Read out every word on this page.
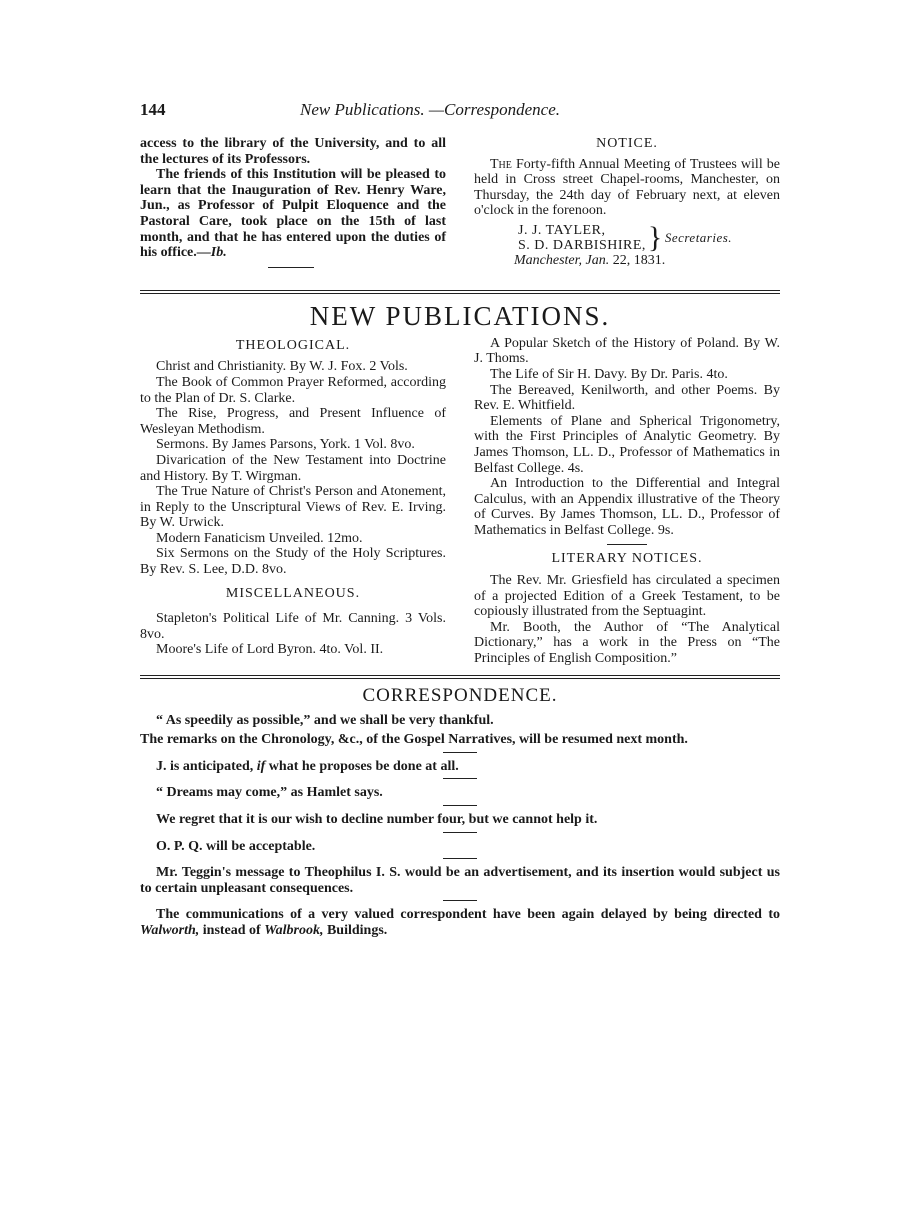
144	New Publications. —Correspondence.

access to the library of the University, and to all the lectures of its Professors.

The friends of this Institution will be pleased to learn that the Inauguration of Rev. Henry Ware, Jun., as Professor of Pulpit Eloquence and the Pastoral Care, took place on the 15th of last month, and that he has entered upon the duties of his office.—Ib.

NOTICE.

The Forty-fifth Annual Meeting of Trustees will be held in Cross street Chapel-rooms, Manchester, on Thursday, the 24th day of February next, at eleven o'clock in the forenoon.

J. J. TAYLER,
S. D. DARBISHIRE, } Secretaries.

Manchester, Jan. 22, 1831.

NEW PUBLICATIONS.

THEOLOGICAL.

Christ and Christianity. By W. J. Fox. 2 Vols.

The Book of Common Prayer Reformed, according to the Plan of Dr. S. Clarke.

The Rise, Progress, and Present Influence of Wesleyan Methodism.

Sermons. By James Parsons, York. 1 Vol. 8vo.

Divarication of the New Testament into Doctrine and History. By T. Wirgman.

The True Nature of Christ's Person and Atonement, in Reply to the Unscriptural Views of Rev. E. Irving. By W. Urwick.

Modern Fanaticism Unveiled. 12mo.

Six Sermons on the Study of the Holy Scriptures. By Rev. S. Lee, D.D. 8vo.

MISCELLANEOUS.

Stapleton's Political Life of Mr. Canning. 3 Vols. 8vo.

Moore's Life of Lord Byron. 4to. Vol. II.

A Popular Sketch of the History of Poland. By W. J. Thoms.

The Life of Sir H. Davy. By Dr. Paris. 4to.

The Bereaved, Kenilworth, and other Poems. By Rev. E. Whitfield.

Elements of Plane and Spherical Trigonometry, with the First Principles of Analytic Geometry. By James Thomson, LL. D., Professor of Mathematics in Belfast College. 4s.

An Introduction to the Differential and Integral Calculus, with an Appendix illustrative of the Theory of Curves. By James Thomson, LL. D., Professor of Mathematics in Belfast College. 9s.

LITERARY NOTICES.

The Rev. Mr. Griesfield has circulated a specimen of a projected Edition of a Greek Testament, to be copiously illustrated from the Septuagint.

Mr. Booth, the Author of “The Analytical Dictionary,” has a work in the Press on “The Principles of English Composition.”

CORRESPONDENCE.

“ As speedily as possible,” and we shall be very thankful.

The remarks on the Chronology, &c., of the Gospel Narratives, will be resumed next month.

J. is anticipated, if what he proposes be done at all.

“ Dreams may come,” as Hamlet says.

We regret that it is our wish to decline number four, but we cannot help it.

O. P. Q. will be acceptable.

Mr. Teggin's message to Theophilus I. S. would be an advertisement, and its insertion would subject us to certain unpleasant consequences.

The communications of a very valued correspondent have been again delayed by being directed to Walworth, instead of Walbrook, Buildings.
